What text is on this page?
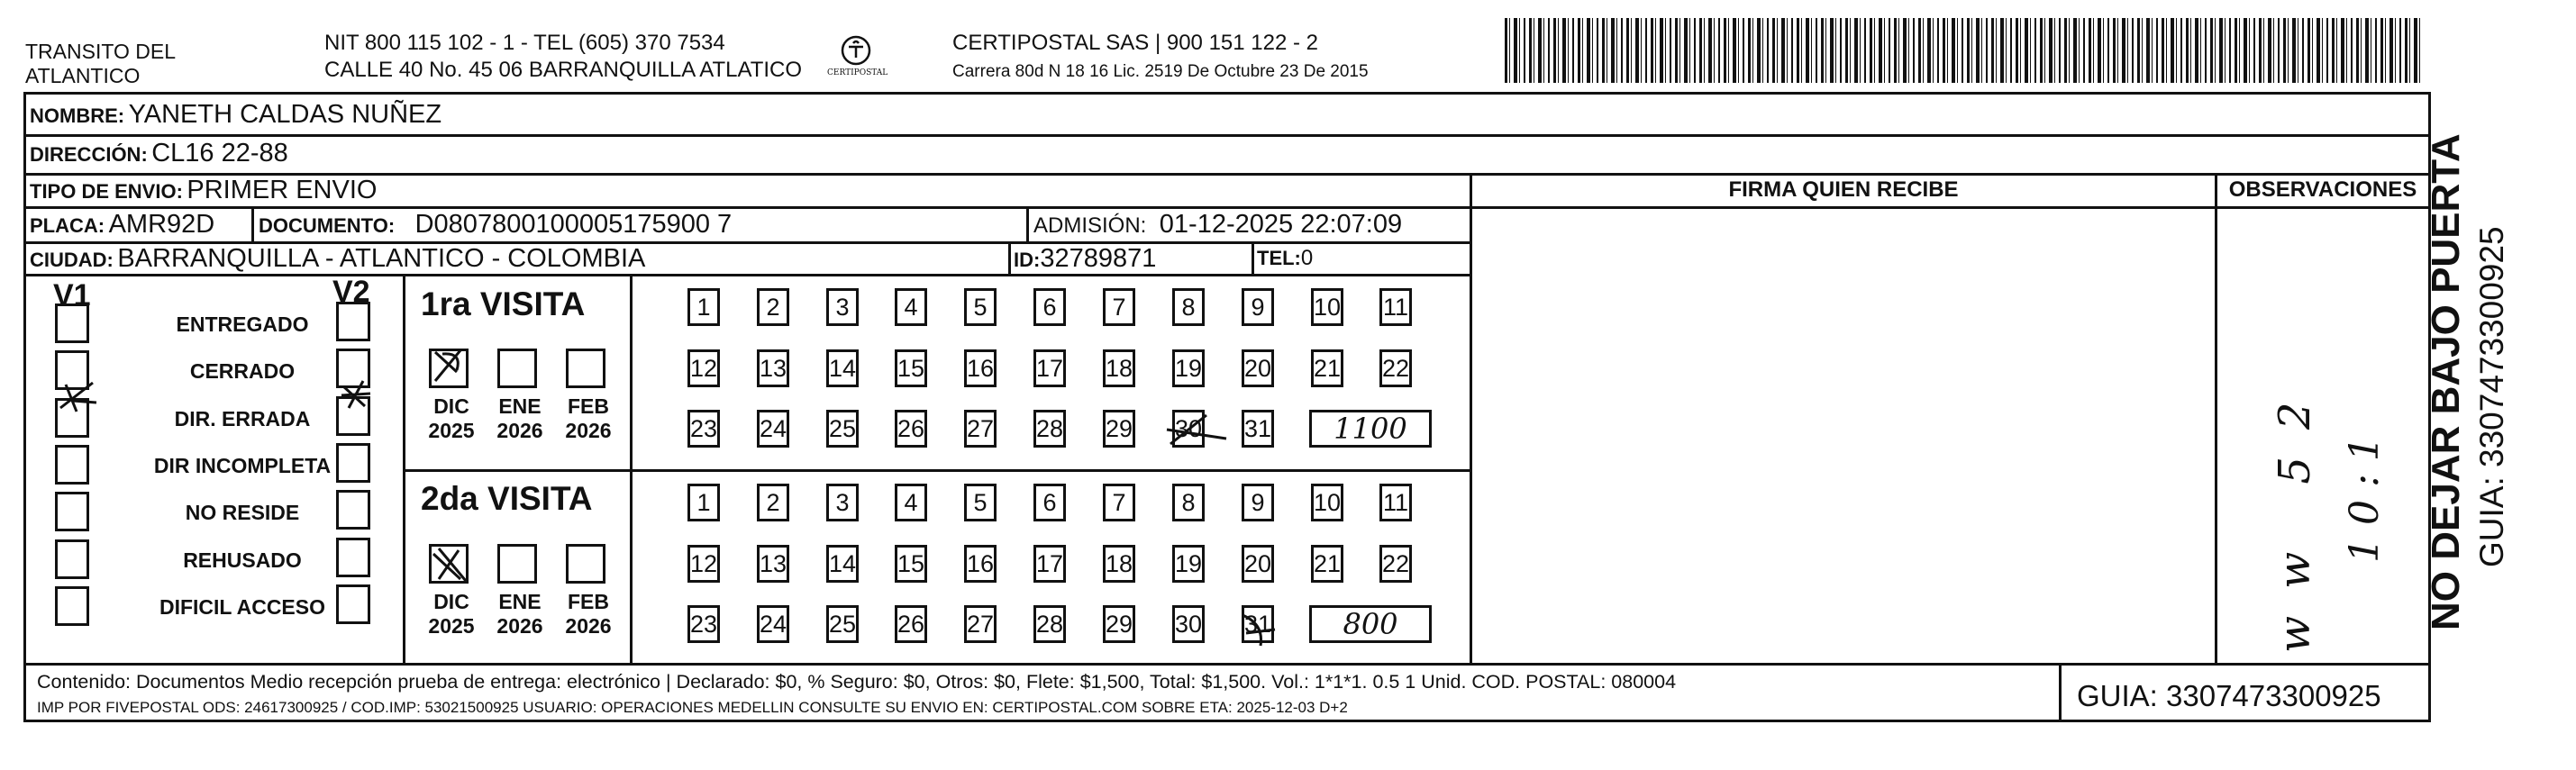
TRANSITO DEL
ATLANTICO
NIT 800 115 102 - 1 - TEL (605) 370 7534
CALLE 40 No. 45 06 BARRANQUILLA ATLATICO	CERTIPOSTAL
CERTIPOSTAL SAS | 900 151 122 - 2
Carrera 80d N 18 16 Lic. 2519 De Octubre 23 De 2015
NOMBRE: YANETH CALDAS NUÑEZ
DIRECCIÓN: CL16 22-88
TIPO DE ENVIO: PRIMER ENVIO	FIRMA QUIEN RECIBE	OBSERVACIONES
PLACA: AMR92D DOCUMENTO: D0807800100005175900 7	ADMISIÓN: 01-12-2025 22:07:09
CIUDAD: BARRANQUILLA - ATLANTICO - COLOMBIA	ID:32789871	TEL:0
V1	V2
ENTREGADO
CERRADO
DIR. ERRADA
DIR INCOMPLETA
NO RESIDE
REHUSADO
DIFICIL ACCESO
1ra VISITA
2da VISITA
DIC
2025
ENE
2026
FEB
2026
1	2	3	4	5	6	7	8	9	10 11
12 13 14 15 16 17 18 19 20 21 22
23 24 25 26 27 28 29 30 31	1100
DIC
2025
ENE
2026
FEB
2026
1	2	3	4	5	6	7	8	9	10 11
12 13 14 15 16 17 18 19 20 21 22
23 24 25 26 27 28 29 30 31	800	ww 52 10:1
Contenido: Documentos Medio recepción prueba de entrega: electrónico | Declarado: $0, % Seguro: $0, Otros: $0, Flete: $1,500, Total: $1,500. Vol.: 1*1*1. 0.5 1 Unid. COD. POSTAL: 080004
IMP POR FIVEPOSTAL ODS: 24617300925 / COD.IMP: 53021500925 USUARIO: OPERACIONES MEDELLIN CONSULTE SU ENVIO EN: CERTIPOSTAL.COM SOBRE ETA: 2025-12-03 D+2	GUIA: 3307473300925
NO DEJAR BAJO PUERTA GUIA: 3307473300925
